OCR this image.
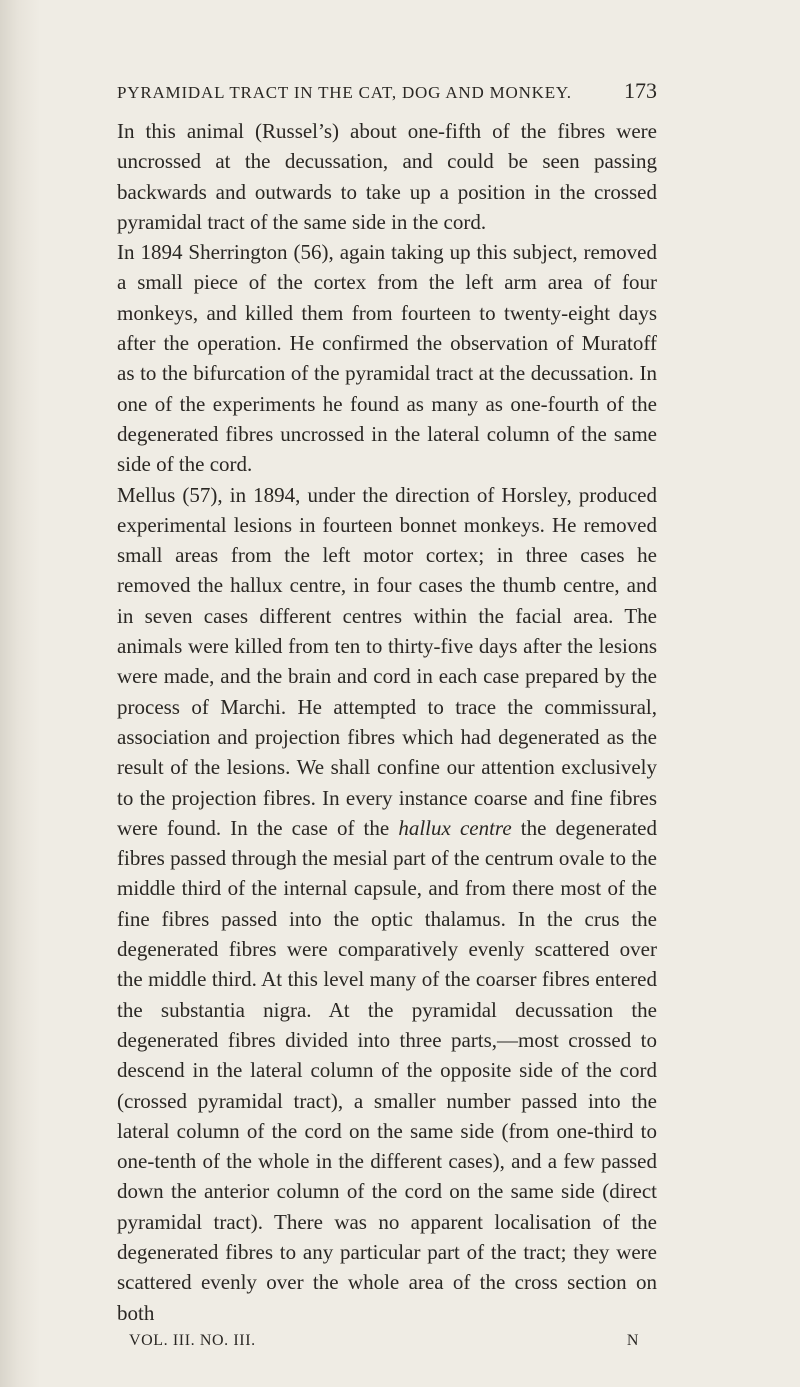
PYRAMIDAL TRACT IN THE CAT, DOG AND MONKEY. 173

In this animal (Russel’s) about one-fifth of the fibres were uncrossed at the decussation, and could be seen passing backwards and outwards to take up a position in the crossed pyramidal tract of the same side in the cord.

In 1894 Sherrington (56), again taking up this subject, removed a small piece of the cortex from the left arm area of four monkeys, and killed them from fourteen to twenty-eight days after the operation. He confirmed the observation of Muratoff as to the bifurcation of the pyramidal tract at the decussation. In one of the experiments he found as many as one-fourth of the degenerated fibres uncrossed in the lateral column of the same side of the cord.

Mellus (57), in 1894, under the direction of Horsley, produced experimental lesions in fourteen bonnet monkeys. He removed small areas from the left motor cortex; in three cases he removed the hallux centre, in four cases the thumb centre, and in seven cases different centres within the facial area. The animals were killed from ten to thirty-five days after the lesions were made, and the brain and cord in each case prepared by the process of Marchi. He attempted to trace the commissural, association and projection fibres which had degenerated as the result of the lesions. We shall confine our attention exclusively to the projection fibres. In every instance coarse and fine fibres were found. In the case of the hallux centre the degenerated fibres passed through the mesial part of the centrum ovale to the middle third of the internal capsule, and from there most of the fine fibres passed into the optic thalamus. In the crus the degenerated fibres were comparatively evenly scattered over the middle third. At this level many of the coarser fibres entered the substantia nigra. At the pyramidal decussation the degenerated fibres divided into three parts,—most crossed to descend in the lateral column of the opposite side of the cord (crossed pyramidal tract), a smaller number passed into the lateral column of the cord on the same side (from one-third to one-tenth of the whole in the different cases), and a few passed down the anterior column of the cord on the same side (direct pyramidal tract). There was no apparent localisation of the degenerated fibres to any particular part of the tract; they were scattered evenly over the whole area of the cross section on both

VOL. III. NO. III.	N
